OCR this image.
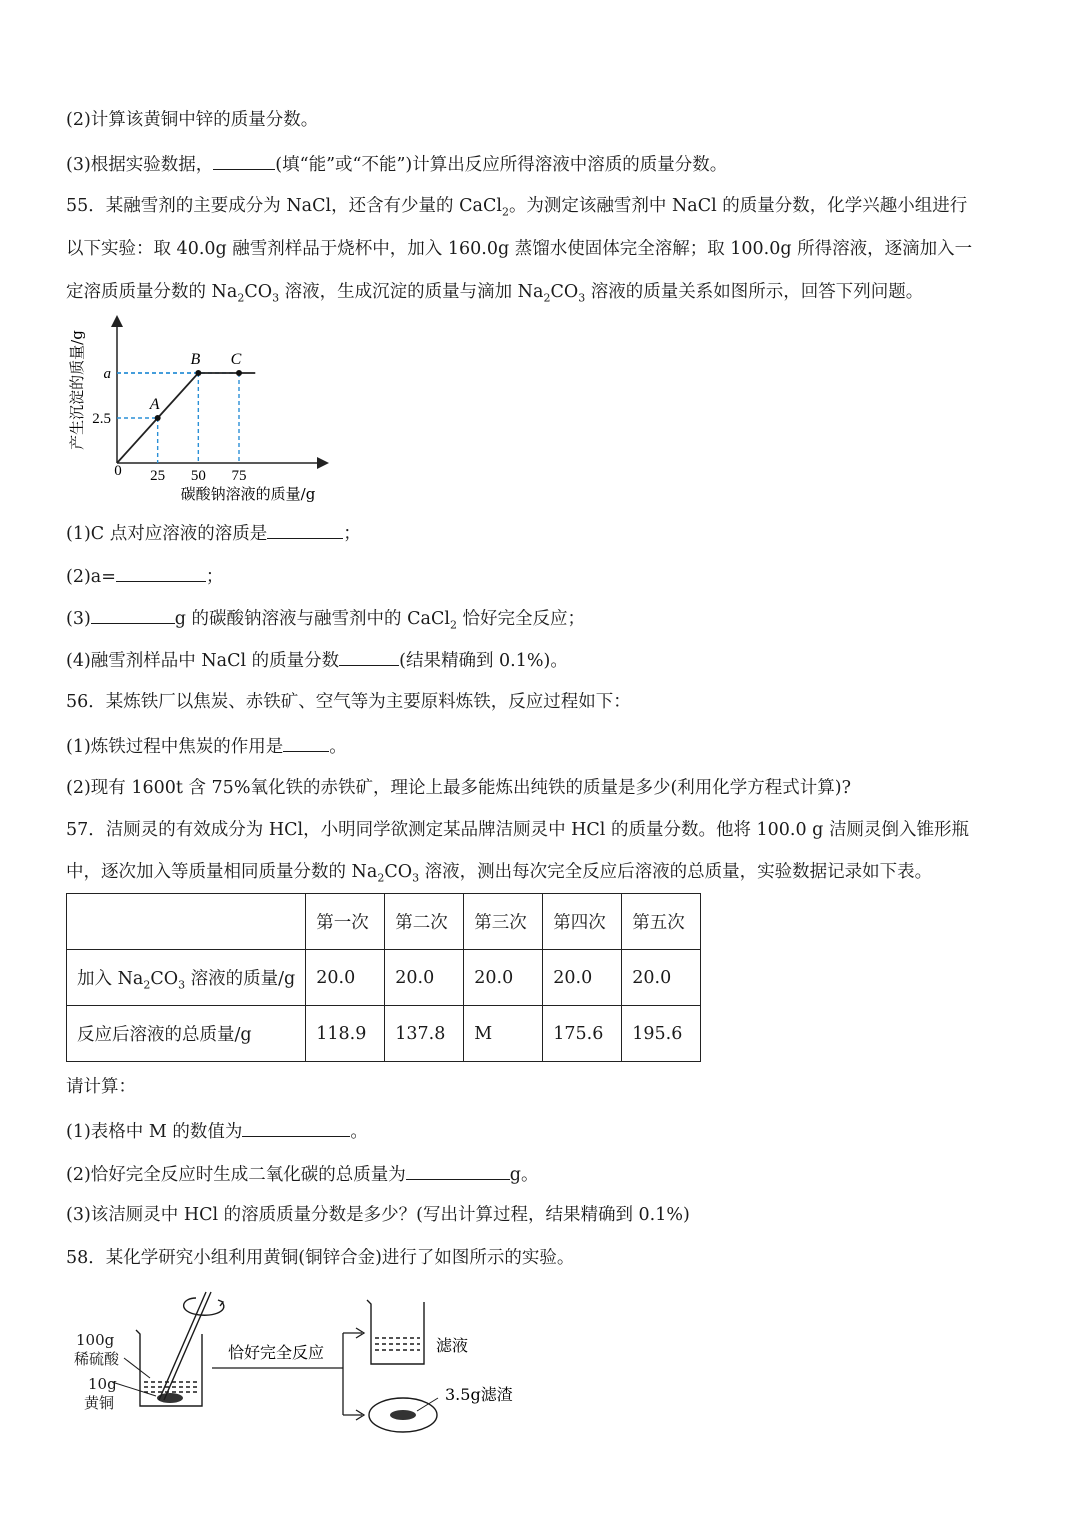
(2)计算该黄铜中锌的质量分数。
(3)根据实验数据，	(填“能”或“不能”)计算出反应所得溶液中溶质的质量分数。
55．某融雪剂的主要成分为 NaCl，还含有少量的 CaCl$_2$。为测定该融雪剂中 NaCl 的质量分数，化学兴趣小组进行
以下实验：取 40.0g 融雪剂样品于烧杯中，加入 160.0g 蒸馏水使固体完全溶解；取 100.0g 所得溶液，逐滴加入一
定溶质质量分数的 $Na_2CO_3$ 溶液，生成沉淀的质量与滴加 $Na_2CO_3$ 溶液的质量关系如图所示，回答下列问题。
A
B C
25 50 75
2.5
a
0
产生沉淀的质量/g
碳酸钠溶液的质量/g
(1)C 点对应溶液的溶质是	；
(2)a=	；
(3)	g 的碳酸钠溶液与融雪剂中的 CaCl$_2$ 恰好完全反应；
(4)融雪剂样品中 NaCl 的质量分数	(结果精确到 0.1%)。
56．某炼铁厂以焦炭、赤铁矿、空气等为主要原料炼铁，反应过程如下：
(1)炼铁过程中焦炭的作用是	。
(2)现有 1600t 含 75%氧化铁的赤铁矿，理论上最多能炼出纯铁的质量是多少(利用化学方程式计算)?
57．洁厕灵的有效成分为 HCl，小明同学欲测定某品牌洁厕灵中 HCl 的质量分数。他将 100.0 g 洁厕灵倒入锥形瓶
中，逐次加入等质量相同质量分数的 $Na_2CO_3$ 溶液，测出每次完全反应后溶液的总质量，实验数据记录如下表。
	第一次	第二次	第三次	第四次	第五次
加入 $Na_2CO_3$ 溶液的质量/g	20.0	20.0	20.0	20.0	20.0
反应后溶液的总质量/g	118.9	137.8	M	175.6	195.6
请计算：
(1)表格中 M 的数值为	。
(2)恰好完全反应时生成二氧化碳的总质量为	g。
(3)该洁厕灵中 HCl 的溶质质量分数是多少？(写出计算过程，结果精确到 0.1%)
58．某化学研究小组利用黄铜(铜锌合金)进行了如图所示的实验。
100g
稀硫酸
10g
黄铜
恰好完全反应	滤液
3.5g滤渣
